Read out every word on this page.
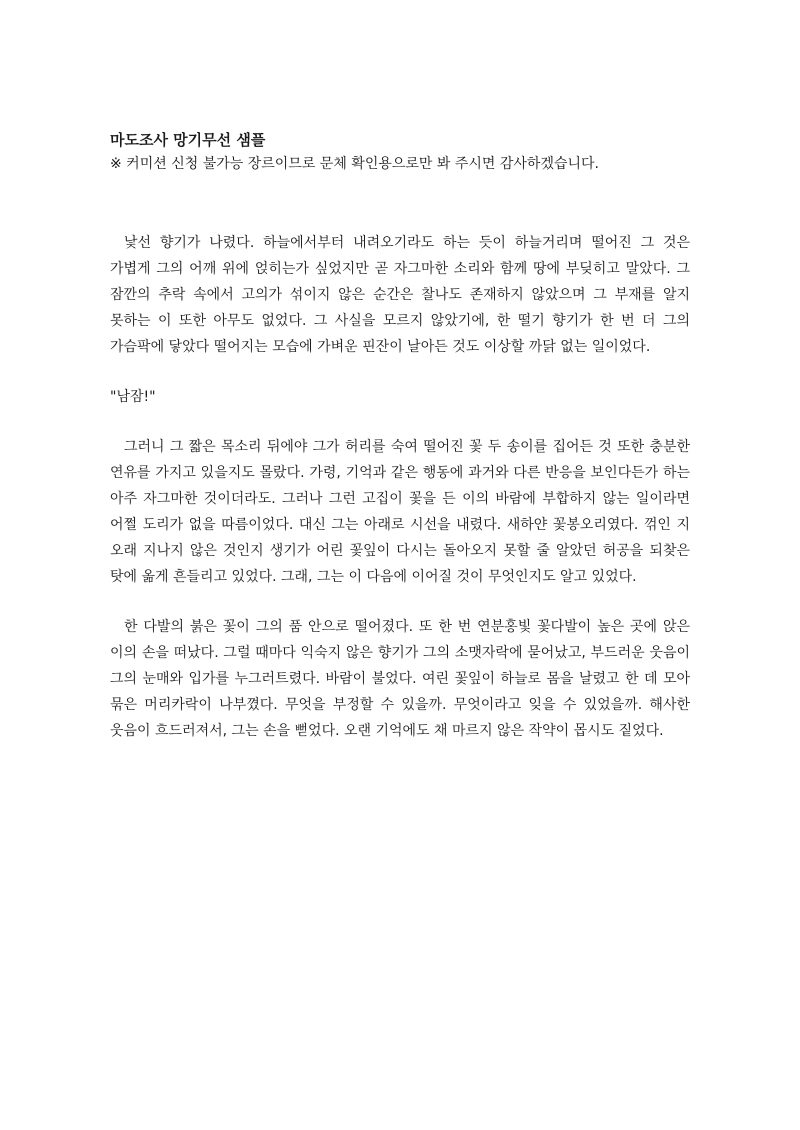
마도조사 망기무선 샘플

※ 커미션 신청 불가능 장르이므로 문체 확인용으로만 봐 주시면 감사하겠습니다.

낯선 향기가 나렸다. 하늘에서부터 내려오기라도 하는 듯이 하늘거리며 떨어진 그 것은 가볍게 그의 어깨 위에 얹히는가 싶었지만 곧 자그마한 소리와 함께 땅에 부딪히고 말았다. 그 잠깐의 추락 속에서 고의가 섞이지 않은 순간은 찰나도 존재하지 않았으며 그 부재를 알지 못하는 이 또한 아무도 없었다. 그 사실을 모르지 않았기에, 한 떨기 향기가 한 번 더 그의 가슴팍에 닿았다 떨어지는 모습에 가벼운 핀잔이 날아든 것도 이상할 까닭 없는 일이었다.

"남잠!"

그러니 그 짧은 목소리 뒤에야 그가 허리를 숙여 떨어진 꽃 두 송이를 집어든 것 또한 충분한 연유를 가지고 있을지도 몰랐다. 가령, 기억과 같은 행동에 과거와 다른 반응을 보인다든가 하는 아주 자그마한 것이더라도. 그러나 그런 고집이 꽃을 든 이의 바람에 부합하지 않는 일이라면 어쩔 도리가 없을 따름이었다. 대신 그는 아래로 시선을 내렸다. 새하얀 꽃봉오리였다. 꺾인 지 오래 지나지 않은 것인지 생기가 어린 꽃잎이 다시는 돌아오지 못할 줄 알았던 허공을 되찾은 탓에 옮게 흔들리고 있었다. 그래, 그는 이 다음에 이어질 것이 무엇인지도 알고 있었다.

한 다발의 붉은 꽃이 그의 품 안으로 떨어졌다. 또 한 번 연분홍빛 꽃다발이 높은 곳에 앉은 이의 손을 떠났다. 그럴 때마다 익숙지 않은 향기가 그의 소맷자락에 묻어났고, 부드러운 웃음이 그의 눈매와 입가를 누그러트렸다. 바람이 불었다. 여린 꽃잎이 하늘로 몸을 날렸고 한 데 모아 묶은 머리카락이 나부꼈다. 무엇을 부정할 수 있을까. 무엇이라고 잊을 수 있었을까. 해사한 웃음이 흐드러져서, 그는 손을 뻗었다. 오랜 기억에도 채 마르지 않은 작약이 몹시도 짙었다.
